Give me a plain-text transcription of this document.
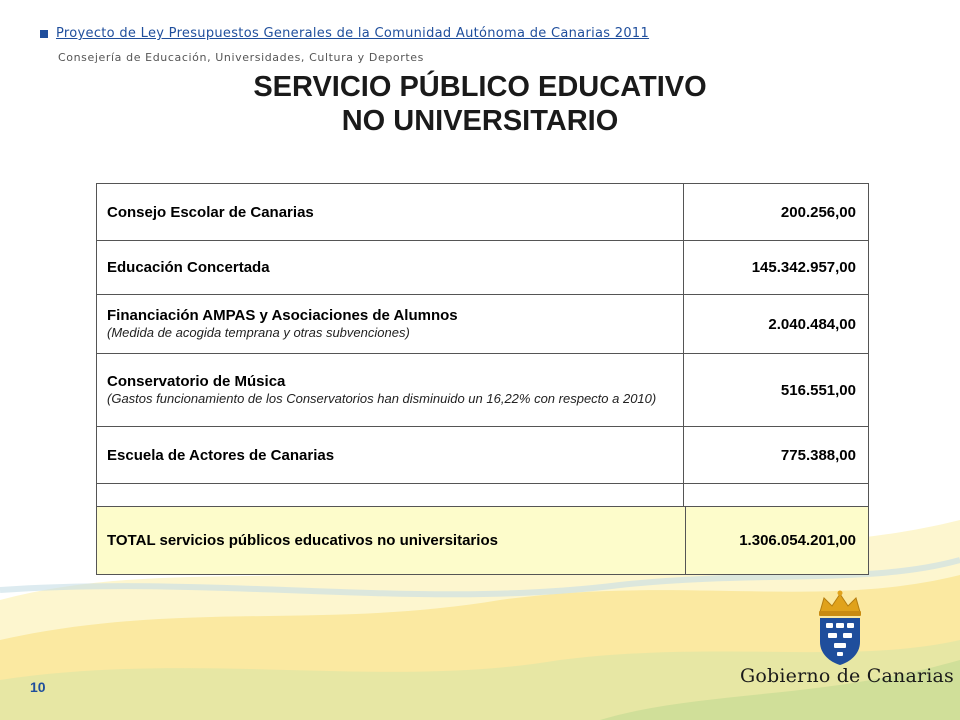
Proyecto de Ley Presupuestos Generales de la Comunidad Autónoma de Canarias 2011
Consejería de Educación, Universidades, Cultura y Deportes
SERVICIO PÚBLICO EDUCATIVO
NO UNIVERSITARIO
Consejo Escolar de Canarias	200.256,00

Educación Concertada	145.342.957,00

Financiación AMPAS y Asociaciones de Alumnos
(Medida de acogida temprana y otras subvenciones)	2.040.484,00

Conservatorio de Música
(Gastos funcionamiento de los Conservatorios han disminuido un 16,22% con respecto a 2010)	516.551,00

Escuela de Actores de Canarias	775.388,00

TOTAL servicios públicos educativos no universitarios	1.306.054.201,00
10	Gobierno de Canarias
